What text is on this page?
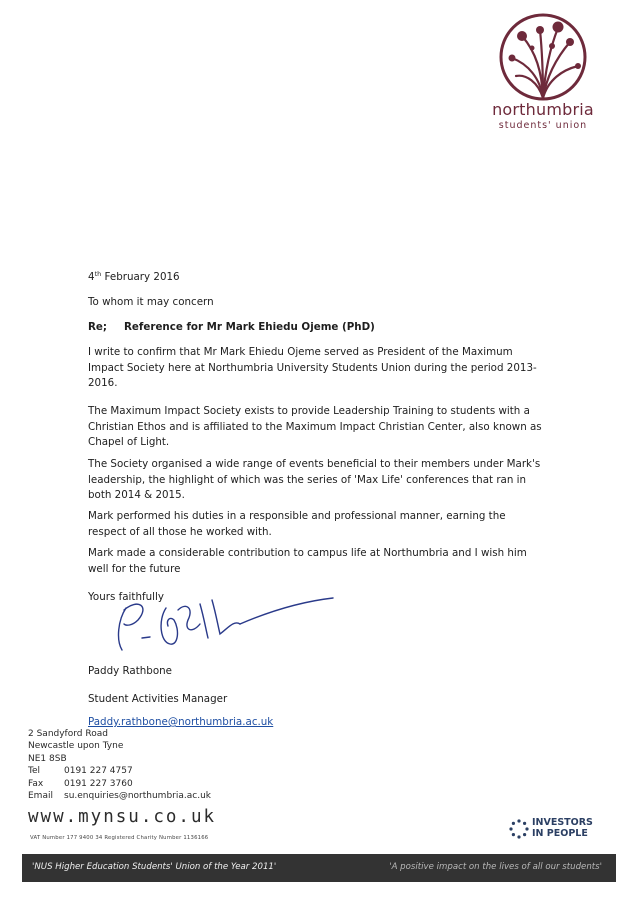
northumbria
students' union
4th February 2016
To whom it may concern
Re; Reference for Mr Mark Ehiedu Ojeme (PhD)
I write to confirm that Mr Mark Ehiedu Ojeme served as President of the Maximum Impact Society here at Northumbria University Students Union during the period 2013-2016.
The Maximum Impact Society exists to provide Leadership Training to students with a Christian Ethos and is affiliated to the Maximum Impact Christian Center, also known as Chapel of Light.
The Society organised a wide range of events beneficial to their members under Mark's leadership, the highlight of which was the series of 'Max Life' conferences that ran in both 2014 & 2015.
Mark performed his duties in a responsible and professional manner, earning the respect of all those he worked with.
Mark made a considerable contribution to campus life at Northumbria and I wish him well for the future
Yours faithfully
Paddy Rathbone
Student Activities Manager
Paddy.rathbone@northumbria.ac.uk
2 Sandyford Road
Newcastle upon Tyne
NE1 8SB
Tel	0191 227 4757
Fax 0191 227 3760
Email su.enquiries@northumbria.ac.uk
www.mynsu.co.uk
VAT Number 177 9400 34 Registered Charity Number 1136166
INVESTORS
IN PEOPLE
'NUS Higher Education Students' Union of the Year 2011'	'A positive impact on the lives of all our students'
